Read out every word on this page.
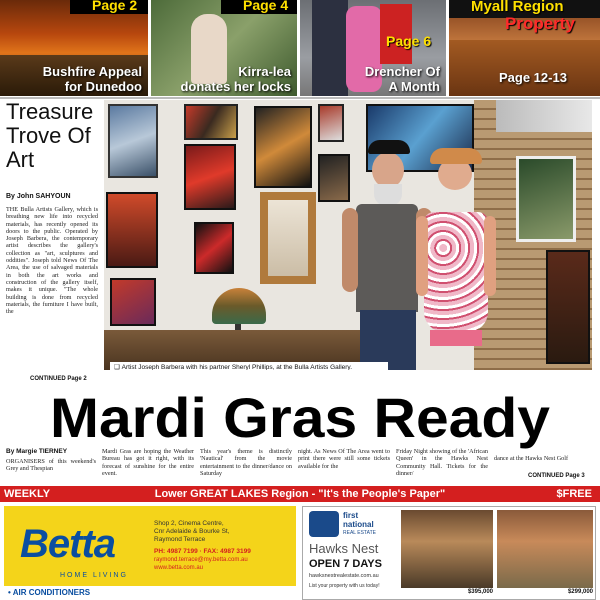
Page 2
Bushfire Appeal
for Dunedoo
Page 4
Kirra-lea
donates her locks
Page 6
Drencher Of
A Month
Myall Region
Property
Page 12-13
Treasure Trove Of Art
By John SAHYOUN
THE Bulla Artists Gallery, which is breathing new life into recycled materials, has recently opened its doors to the public. Operated by Joseph Barbera, the contemporary artist describes the gallery's collection as "art, sculptures and oddities". Joseph told News Of The Area, the use of salvaged materials in both the art works and construction of the gallery itself, makes it unique. "The whole building is done from recycled materials, the furniture I have built, the
CONTINUED Page 2
❑ Artist Joseph Barbera with his partner Sheryl Phillips, at the Bulla Artists Gallery.
Mardi Gras Ready
By Margie TIERNEY
ORGANISERS of this weekend's Grey and Thespian
Mardi Gras are hoping the Weather Bureau has got it right, with its forecast of sunshine for the entire event.
This year's theme is distinctly 'Nautical' from the movie entertainment to the dinner/dance on Saturday
night. As News Of The Area went to print there were still some tickets available for the
Friday Night showing of the 'African Queen' in the Hawks Nest Community Hall. Tickets for the dinner/
dance at the Hawks Nest Golf
CONTINUED Page 3
WEEKLY	Lower GREAT LAKES Region - "It's the People's Paper"	$FREE
Betta
HOME LIVING
Shop 2, Cinema Centre,
Cnr Adelaide & Bourke St,
Raymond Terrace
PH: 4987 7199 · FAX: 4987 3199
raymond.terrace@my.betta.com.au
www.betta.com.au
• AIR CONDITIONERS
first
national
REAL ESTATE
Hawks Nest
OPEN 7 DAYS
hawksnestrealestate.com.au
List your property with us today!
$395,000	$299,000
